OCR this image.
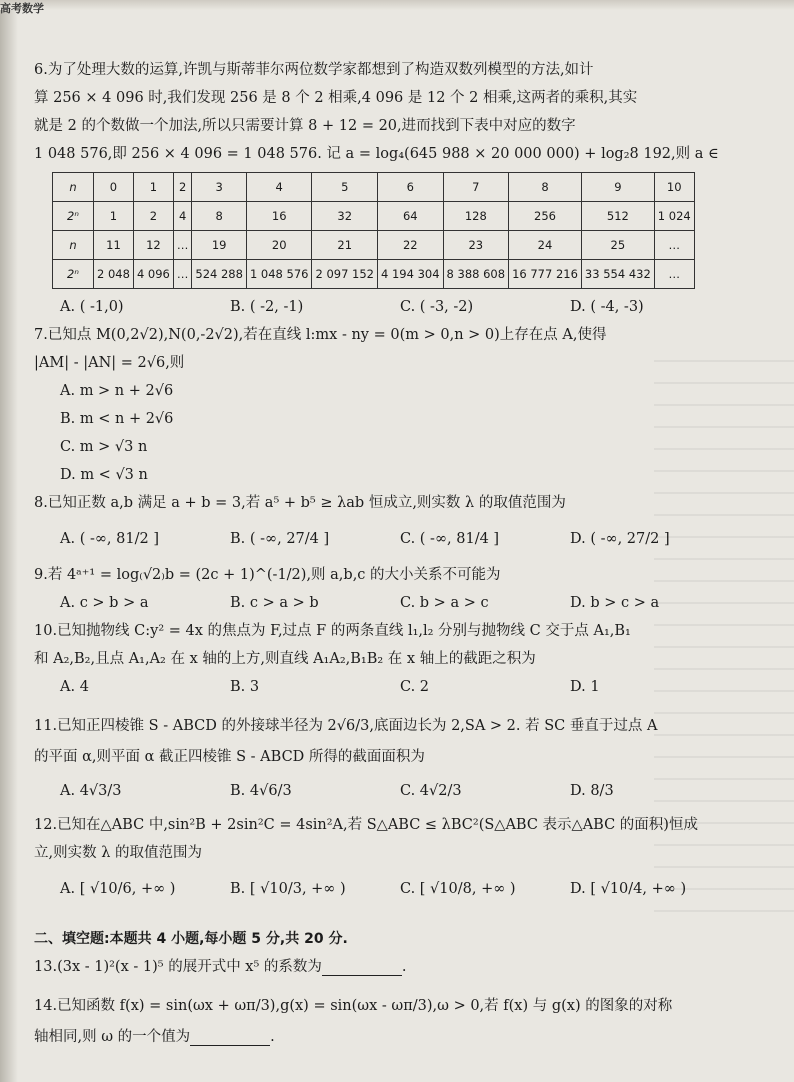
高考数学

6.为了处理大数的运算,许凯与斯蒂菲尔两位数学家都想到了构造双数列模型的方法,如计

算 256 × 4 096 时,我们发现 256 是 8 个 2 相乘,4 096 是 12 个 2 相乘,这两者的乘积,其实

就是 2 的个数做一个加法,所以只需要计算 8 + 12 = 20,进而找到下表中对应的数字

1 048 576,即 256 × 4 096 = 1 048 576. 记 a = log₄(645 988 × 20 000 000) + log₂8 192,则 a ∈

n	0	1	2	3	4	5	6	7	8	9	10
2ⁿ	1	2	4	8	16	32	64	128	256	512	1 024
n	11	12	…	19	20	21	22	23	24	25	…
2ⁿ	2 048	4 096	…	524 288	1 048 576	2 097 152	4 194 304	8 388 608	16 777 216	33 554 432	…
A. ( -1,0)	B. ( -2, -1)	C. ( -3, -2)	D. ( -4, -3)

7.已知点 M(0,2√2),N(0,-2√2),若在直线 l:mx - ny = 0(m > 0,n > 0)上存在点 A,使得

|AM| - |AN| = 2√6,则

A. m > n + 2√6
B. m < n + 2√6
C. m > √3 n
D. m < √3 n

8.已知正数 a,b 满足 a + b = 3,若 a⁵ + b⁵ ≥ λab 恒成立,则实数 λ 的取值范围为

A. ( -∞, 81/2 ]	B. ( -∞, 27/4 ]	C. ( -∞, 81/4 ]	D. ( -∞, 27/2 ]

9.若 4ᵃ⁺¹ = log₍√2₎b = (2c + 1)^(-1/2),则 a,b,c 的大小关系不可能为

A. c > b > a	B. c > a > b	C. b > a > c	D. b > c > a

10.已知抛物线 C:y² = 4x 的焦点为 F,过点 F 的两条直线 l₁,l₂ 分别与抛物线 C 交于点 A₁,B₁

和 A₂,B₂,且点 A₁,A₂ 在 x 轴的上方,则直线 A₁A₂,B₁B₂ 在 x 轴上的截距之积为

A. 4	B. 3	C. 2	D. 1

11.已知正四棱锥 S - ABCD 的外接球半径为 2√6/3,底面边长为 2,SA > 2. 若 SC 垂直于过点 A

的平面 α,则平面 α 截正四棱锥 S - ABCD 所得的截面面积为

A. 4√3/3	B. 4√6/3	C. 4√2/3	D. 8/3

12.已知在△ABC 中,sin²B + 2sin²C = 4sin²A,若 S△ABC ≤ λBC²(S△ABC 表示△ABC 的面积)恒成

立,则实数 λ 的取值范围为

A. [ √10/6, +∞ )	B. [ √10/3, +∞ )	C. [ √10/8, +∞ )	D. [ √10/4, +∞ )
二、填空题:本题共 4 小题,每小题 5 分,共 20 分.

13.(3x - 1)²(x - 1)⁵ 的展开式中 x⁵ 的系数为	.

14.已知函数 f(x) = sin(ωx + ωπ/3),g(x) = sin(ωx - ωπ/3),ω > 0,若 f(x) 与 g(x) 的图象的对称

轴相同,则 ω 的一个值为	.
